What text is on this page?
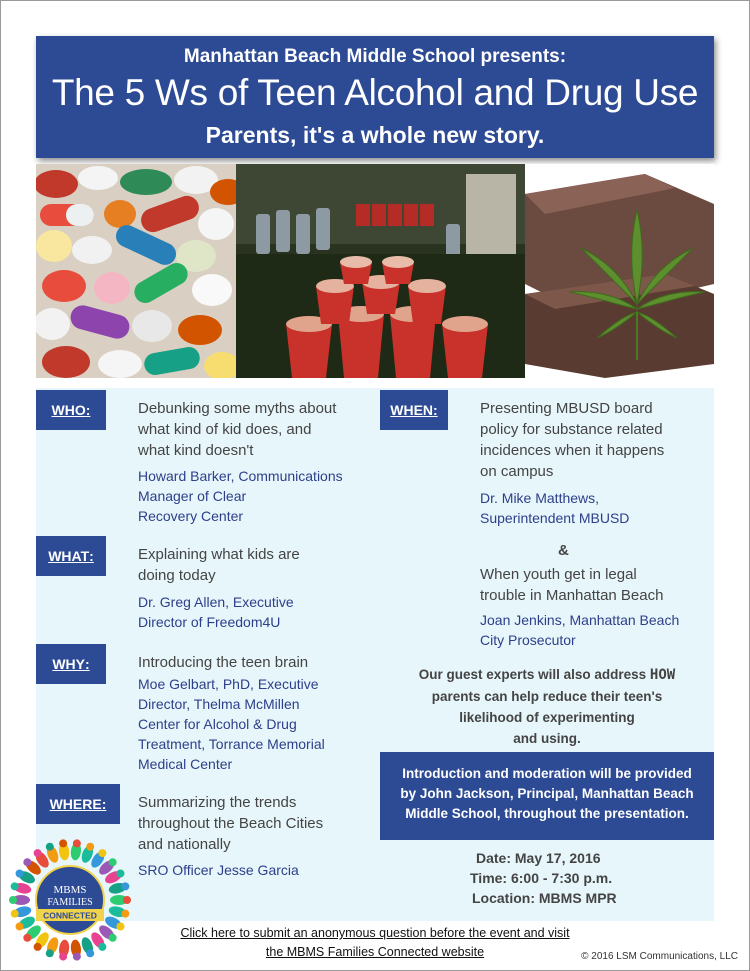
Manhattan Beach Middle School presents:
The 5 Ws of Teen Alcohol and Drug Use
Parents, it's a whole new story.
WHO :	Debunking some myths about
what kind of kid does, and
what kind doesn't
Howard Barker, Communications
Manager of Clear
Recovery Center
WHAT :	Explaining what kids are
doing today
Dr. Greg Allen, Executive
Director of Freedom4U
WHY :	Introducing the teen brain
Moe Gelbart, PhD, Executive
Director, Thelma McMillen
Center for Alcohol & Drug
Treatment, Torrance Memorial
Medical Center
WHERE : Summarizing the trends
throughout the Beach Cities
and nationally
SRO Officer Jesse Garcia
WHEN :	Presenting MBUSD board
policy for substance related
incidences when it happens
on campus
Dr. Mike Matthews,
Superintendent MBUSD
&
When youth get in legal
trouble in Manhattan Beach
Joan Jenkins, Manhattan Beach
City Prosecutor
Our guest experts will also address HOW
parents can help reduce their teen's
likelihood of experimenting
and using.
Introduction and moderation will be provided
by John Jackson, Principal, Manhattan Beach
Middle School, throughout the presentation.
Date: May 17, 2016
Time: 6:00 - 7:30 p.m.
Location: MBMS MPR
MBMS
FAMILIES
CONNECTED
Click here to submit an anonymous question before the event and visit
the MBMS Families Connected website	© 2016 LSM Communications, LLC
